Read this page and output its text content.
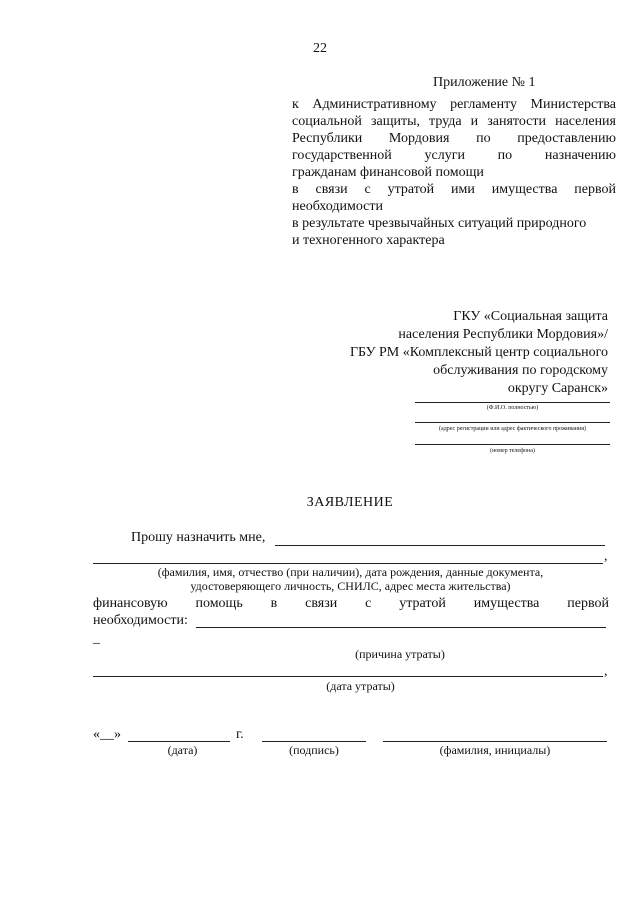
22
Приложение № 1
к Административному регламенту Министерства
социальной защиты, труда и занятости населения
Республики Мордовия по предоставлению
государственной услуги по назначению
гражданам финансовой помощи
в связи с утратой ими имущества первой
необходимости
в результате чрезвычайных ситуаций природного
и техногенного характера
ГКУ «Социальная защита
населения Республики Мордовия»/
ГБУ РМ «Комплексный центр социального
обслуживания по городскому
округу Саранск»
(Ф.И.О. полностью)
(адрес регистрации или адрес фактического проживания)
(номер телефона)
ЗАЯВЛЕНИЕ
Прошу назначить мне,
,
(фамилия, имя, отчество (при наличии), дата рождения, данные документа,
удостоверяющего личность, СНИЛС, адрес места жительства)
финансовую помощь в связи с утратой имущества первой
необходимости:
_
(причина утраты)
,
(дата утраты)
«__»	г.
(дата)	(подпись)	(фамилия, инициалы)
